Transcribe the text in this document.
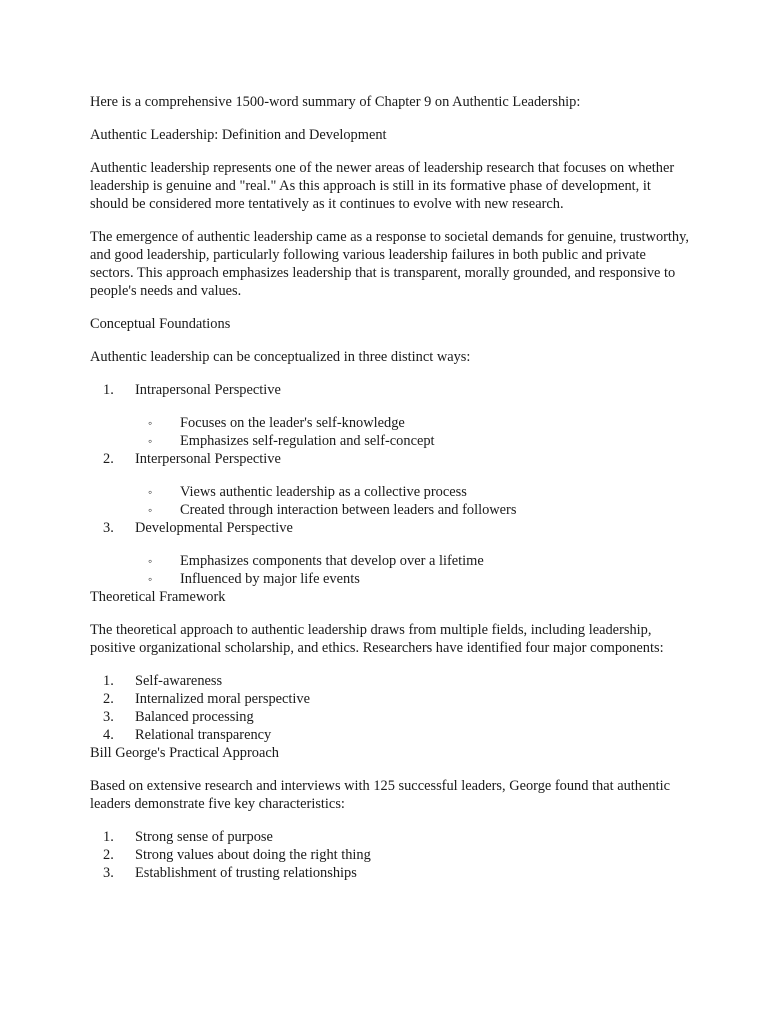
Here is a comprehensive 1500-word summary of Chapter 9 on Authentic Leadership:

Authentic Leadership: Definition and Development

Authentic leadership represents one of the newer areas of leadership research that focuses on whether leadership is genuine and "real." As this approach is still in its formative phase of development, it should be considered more tentatively as it continues to evolve with new research.

The emergence of authentic leadership came as a response to societal demands for genuine, trustworthy, and good leadership, particularly following various leadership failures in both public and private sectors. This approach emphasizes leadership that is transparent, morally grounded, and responsive to people's needs and values.

Conceptual Foundations

Authentic leadership can be conceptualized in three distinct ways:

1. Intrapersonal Perspective
◦ Focuses on the leader's self-knowledge
◦ Emphasizes self-regulation and self-concept
2. Interpersonal Perspective
◦ Views authentic leadership as a collective process
◦ Created through interaction between leaders and followers
3. Developmental Perspective
◦ Emphasizes components that develop over a lifetime
◦ Influenced by major life events

Theoretical Framework

The theoretical approach to authentic leadership draws from multiple fields, including leadership, positive organizational scholarship, and ethics. Researchers have identified four major components:

1. Self-awareness
2. Internalized moral perspective
3. Balanced processing
4. Relational transparency

Bill George's Practical Approach

Based on extensive research and interviews with 125 successful leaders, George found that authentic leaders demonstrate five key characteristics:

1. Strong sense of purpose
2. Strong values about doing the right thing
3. Establishment of trusting relationships
